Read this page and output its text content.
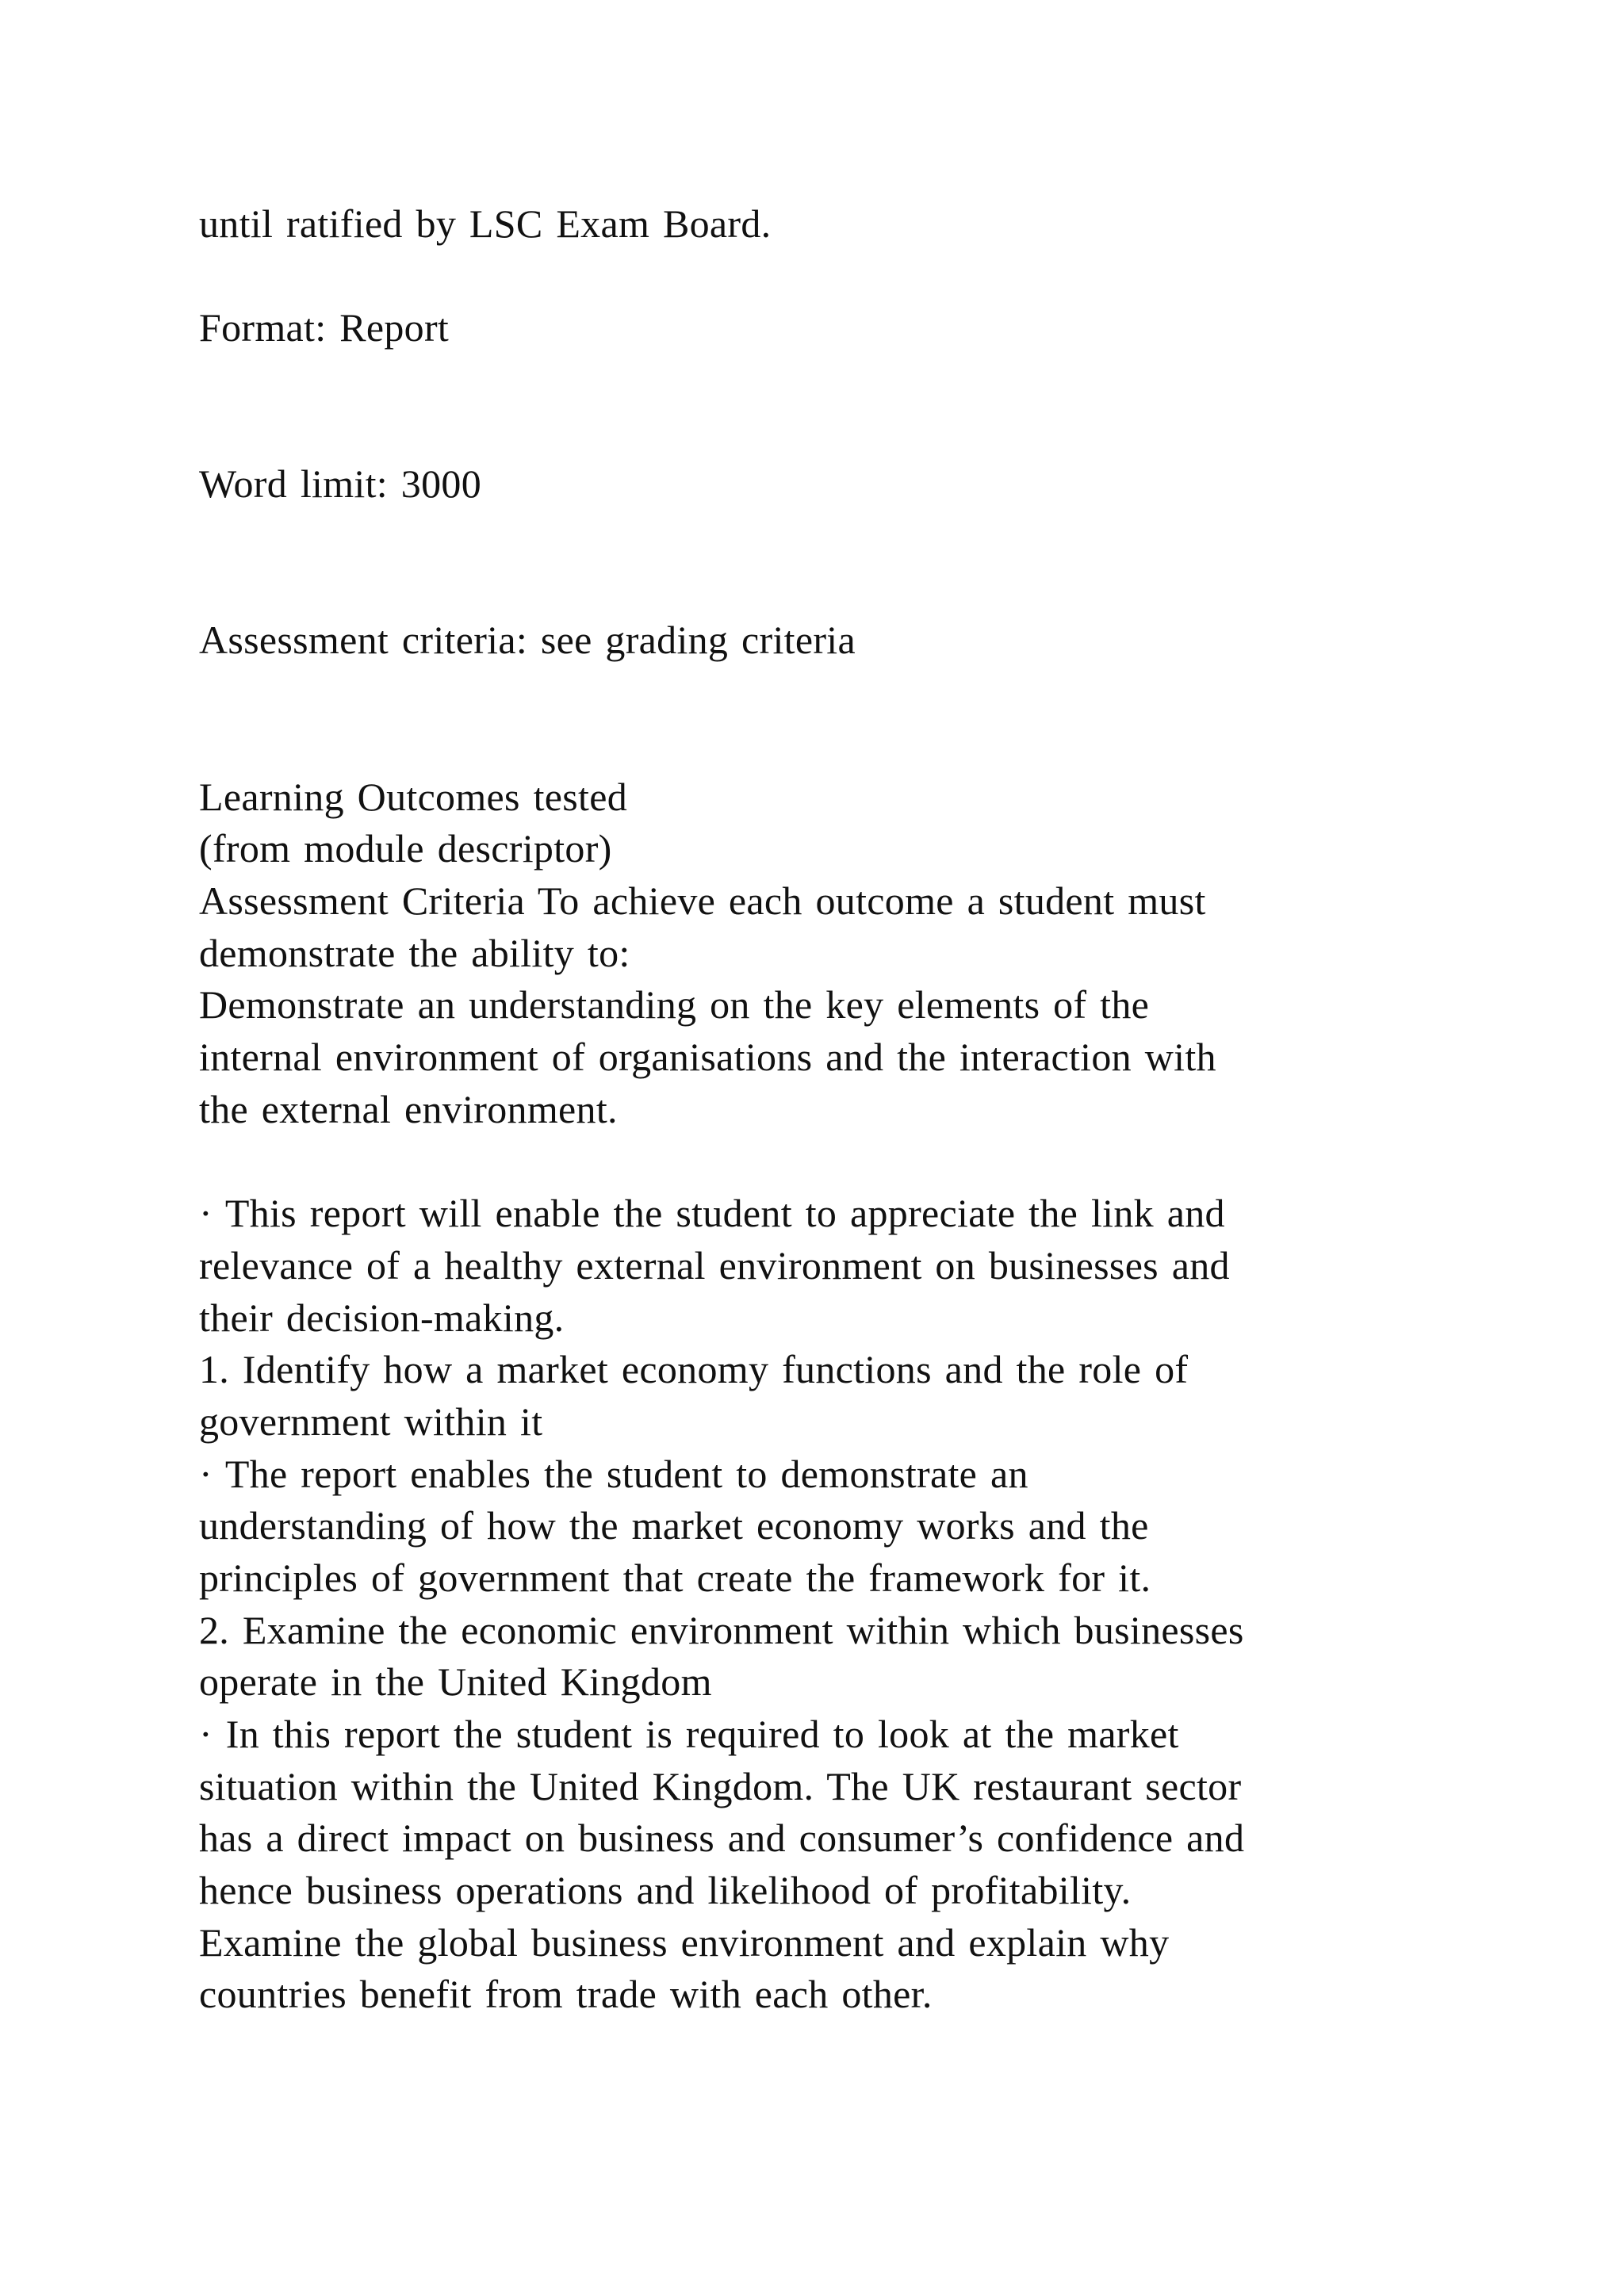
until ratified by LSC Exam Board.
Format: Report
Word limit: 3000
Assessment criteria: see grading criteria
Learning Outcomes tested
(from module descriptor)
Assessment Criteria To achieve each outcome a student must
demonstrate the ability to:
Demonstrate an understanding on the key elements of the
internal environment of organisations and the interaction with
the external environment.
· This report will enable the student to appreciate the link and
relevance of a healthy external environment on businesses and
their decision-making.
1. Identify how a market economy functions and the role of
government within it
· The report enables the student to demonstrate an
understanding of how the market economy works and the
principles of government that create the framework for it.
2. Examine the economic environment within which businesses
operate in the United Kingdom
· In this report the student is required to look at the market
situation within the United Kingdom. The UK restaurant sector
has a direct impact on business and consumer’s confidence and
hence business operations and likelihood of profitability.
Examine the global business environment and explain why
countries benefit from trade with each other.
